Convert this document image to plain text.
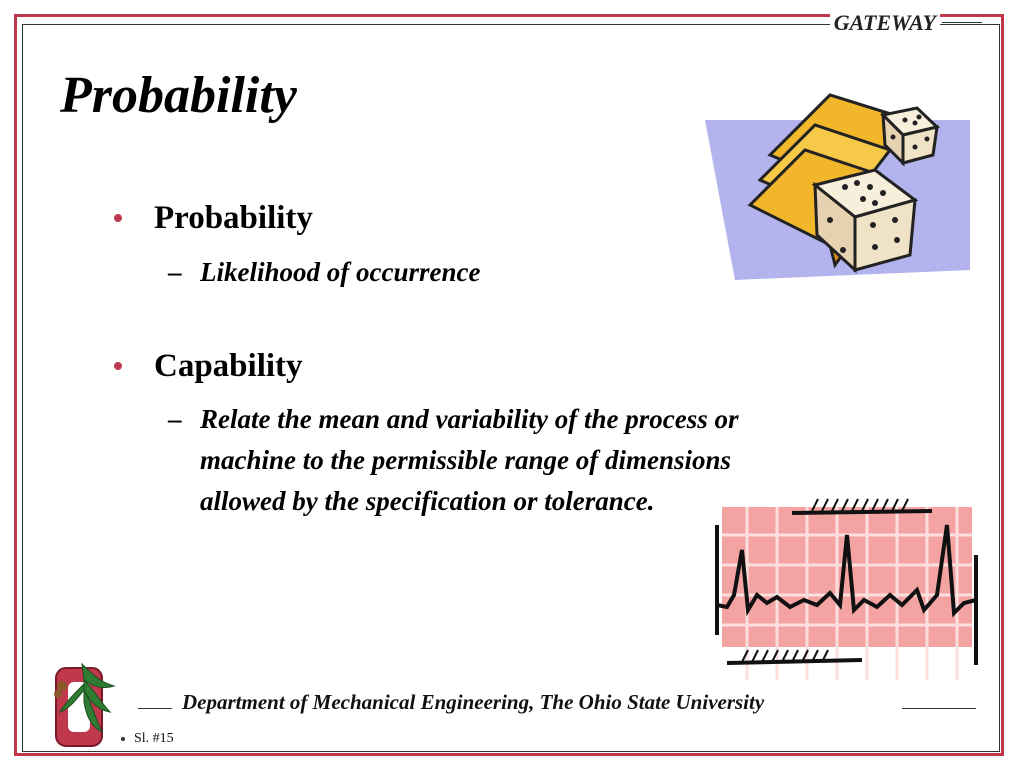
GATEWAY
Probability
Probability
– Likelihood of occurrence
Capability
– Relate the mean and variability of the process or machine to the permissible range of dimensions allowed by the specification or tolerance.
Department of Mechanical Engineering, The Ohio State University
Sl. #15
